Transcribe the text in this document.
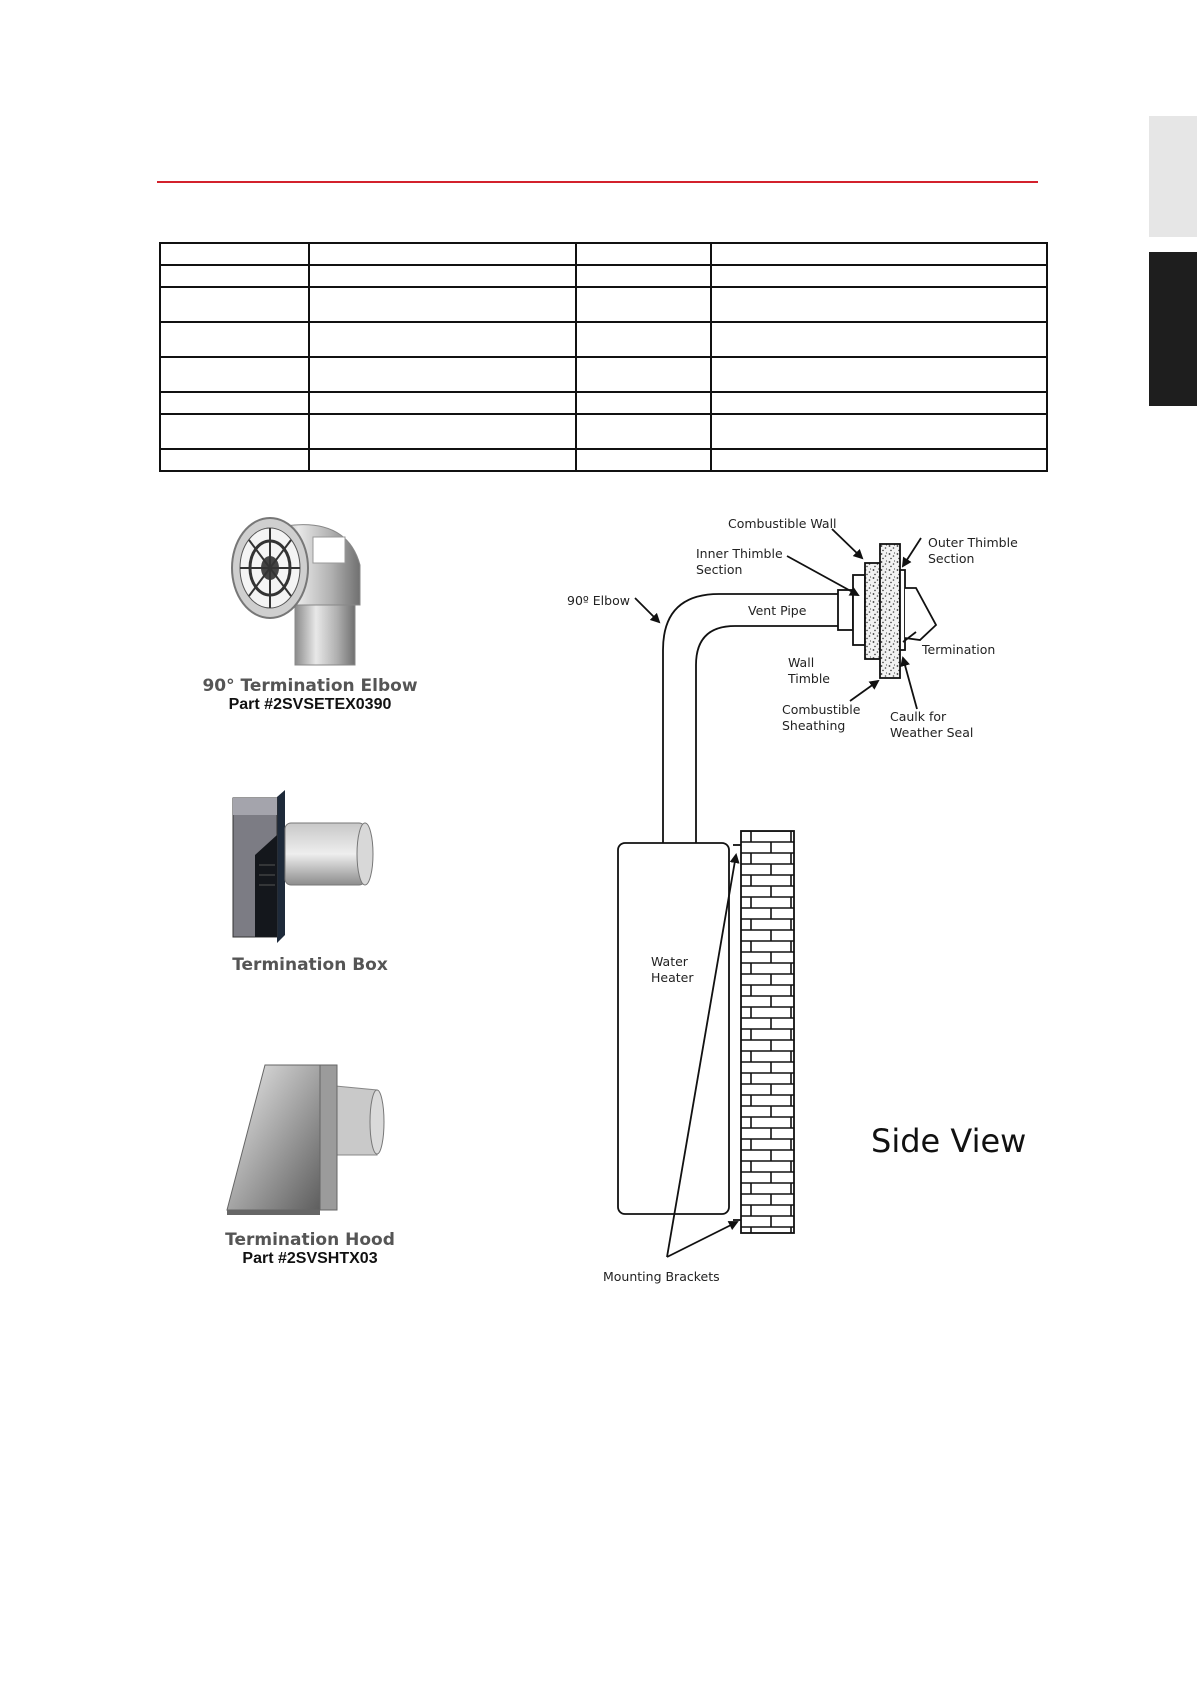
90° Termination Elbow
Part #2SVSETEX0390
Termination Box
Termination Hood
Part #2SVSHTX03
Combustible Wall
Outer Thimble
Section
Inner Thimble
Section
90º Elbow
Vent Pipe
Termination
Wall
Timble
Combustible
Sheathing
Caulk for
Weather Seal
Water
Heater
Mounting Brackets
Side View
